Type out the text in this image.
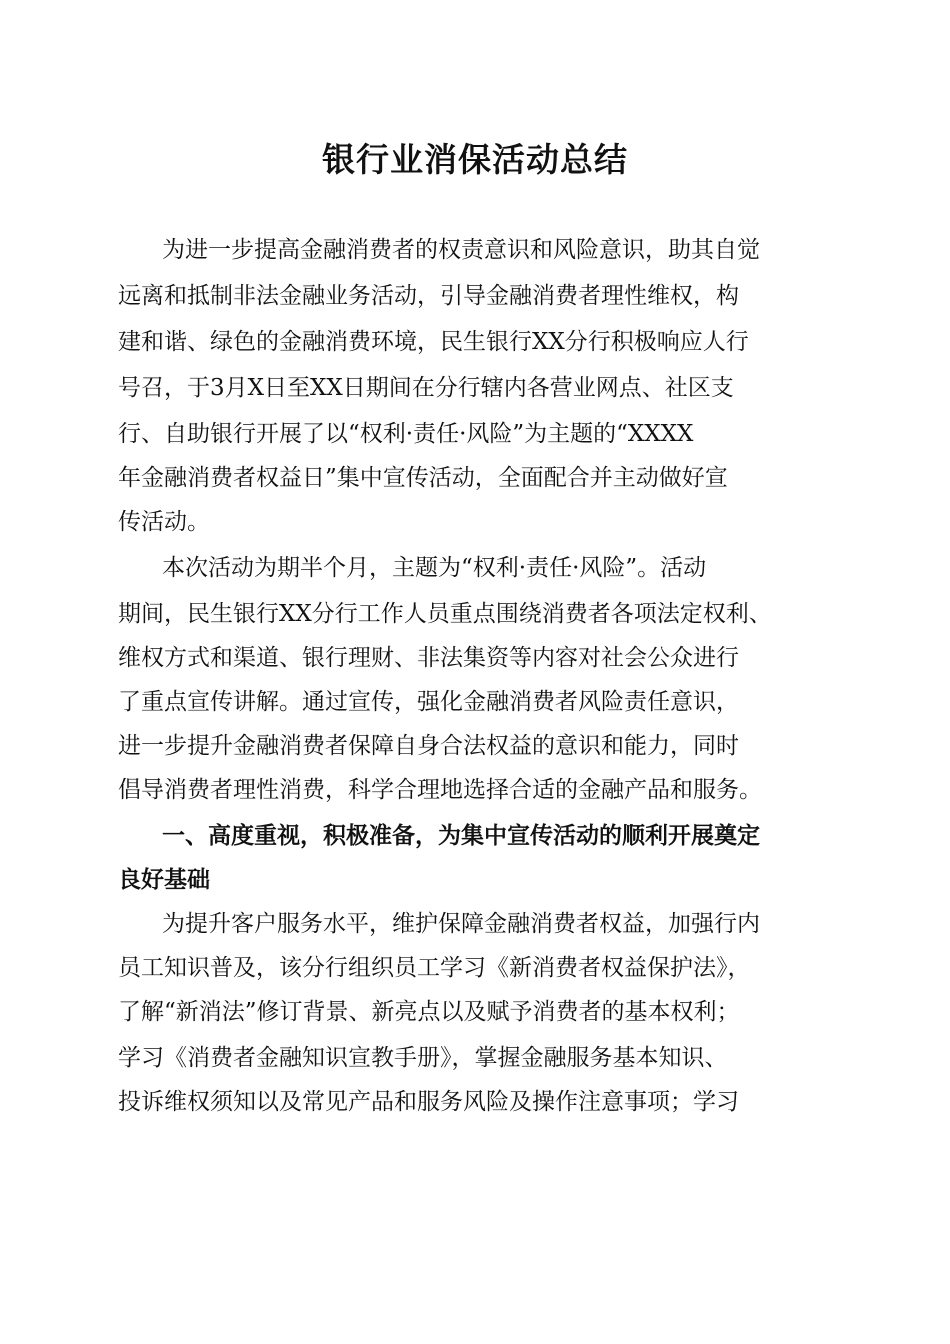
银行业消保活动总结
为进一步提高金融消费者的权责意识和风险意识，助其自觉
远离和抵制非法金融业务活动，引导金融消费者理性维权，构
建和谐、绿色的金融消费环境，民生银行XX分行积极响应人行
号召，于3月X日至XX日期间在分行辖内各营业网点、社区支
行、自助银行开展了以“权利·责任·风险”为主题的“XXXX
年金融消费者权益日”集中宣传活动，全面配合并主动做好宣
传活动。
本次活动为期半个月，主题为“权利·责任·风险”。活动
期间，民生银行XX分行工作人员重点围绕消费者各项法定权利、
维权方式和渠道、银行理财、非法集资等内容对社会公众进行
了重点宣传讲解。通过宣传，强化金融消费者风险责任意识，
进一步提升金融消费者保障自身合法权益的意识和能力，同时
倡导消费者理性消费，科学合理地选择合适的金融产品和服务。
一、高度重视，积极准备，为集中宣传活动的顺利开展奠定
良好基础
为提升客户服务水平，维护保障金融消费者权益，加强行内
员工知识普及，该分行组织员工学习《新消费者权益保护法》，
了解“新消法”修订背景、新亮点以及赋予消费者的基本权利；
学习《消费者金融知识宣教手册》，掌握金融服务基本知识、
投诉维权须知以及常见产品和服务风险及操作注意事项；学习
